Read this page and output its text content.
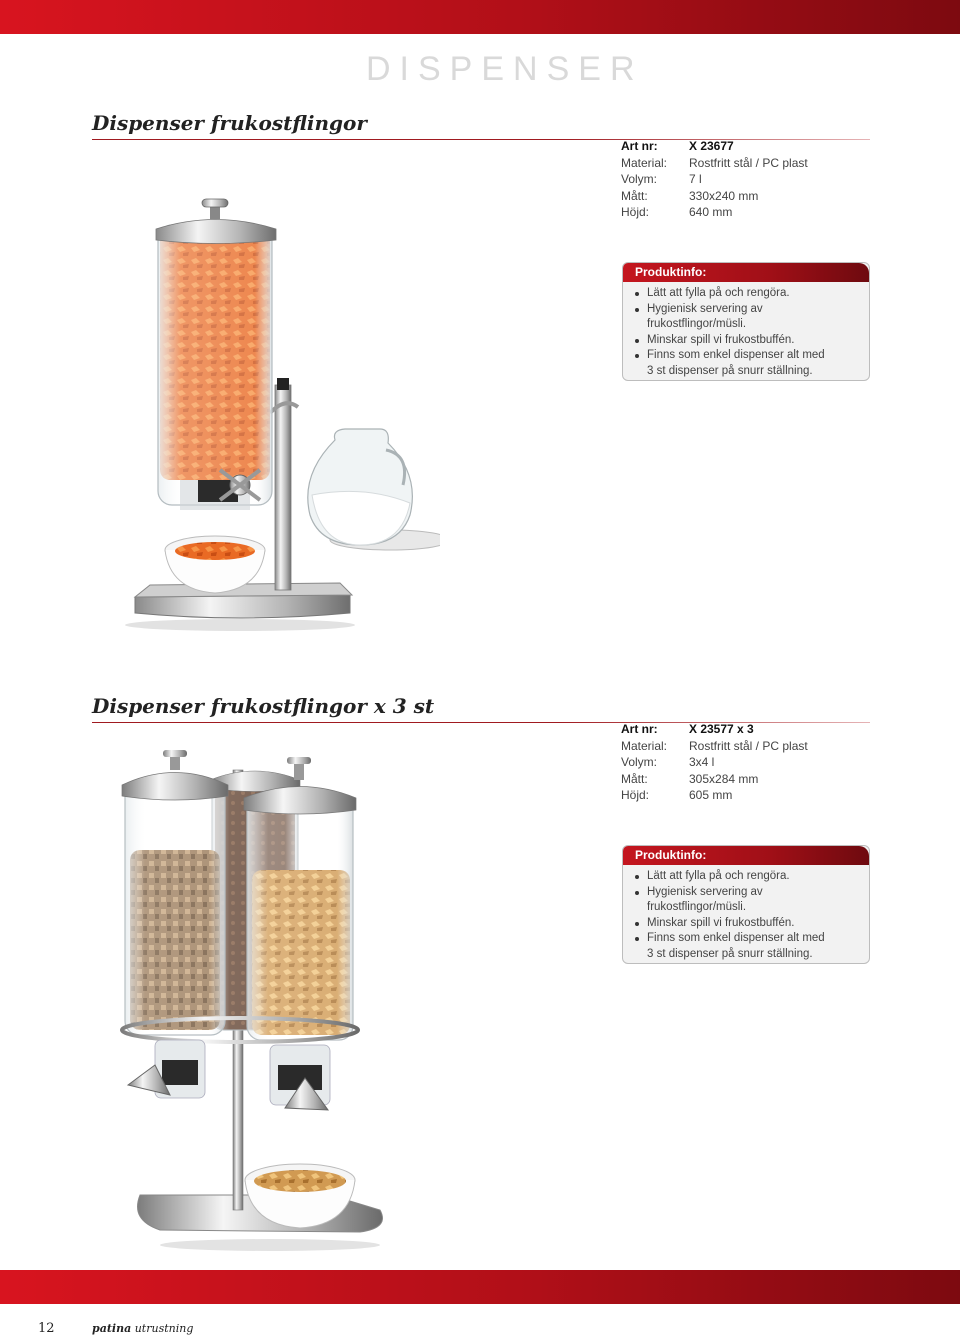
DISPENSER
Dispenser frukostflingor
Art nr:	X 23677
Material:	Rostfritt stål / PC plast
Volym:	7 l
Mått:	330x240 mm
Höjd:	640 mm
Produktinfo:
Lätt att fylla på och rengöra.
Hygienisk servering av frukostflingor/müsli.
Minskar spill vi frukostbuffén.
Finns som enkel dispenser alt med
3 st dispenser på snurr ställning.
Dispenser frukostflingor x 3 st
Art nr:	X 23577 x 3
Material:	Rostfritt stål / PC plast
Volym:	3x4 l
Mått:	305x284 mm
Höjd:	605 mm
Produktinfo:
Lätt att fylla på och rengöra.
Hygienisk servering av frukostflingor/müsli.
Minskar spill vi frukostbuffén.
Finns som enkel dispenser alt med
3 st dispenser på snurr ställning.
12	patina utrustning
